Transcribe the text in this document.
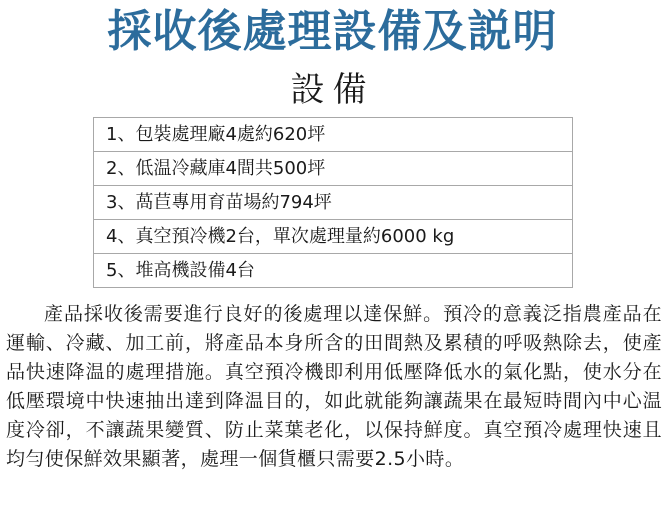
採收後處理設備及説明
設備
1、包裝處理廠4處約620坪
2、低温冷藏庫4間共500坪
3、萵苣專用育苗場約794坪
4、真空預冷機2台，單次處理量約6000 kg
5、堆高機設備4台

產品採收後需要進行良好的後處理以達保鮮。預冷的意義泛指農產品在運輸、冷藏、加工前，將產品本身所含的田間熱及累積的呼吸熱除去，使產品快速降温的處理措施。真空預冷機即利用低壓降低水的氣化點，使水分在低壓環境中快速抽出達到降温目的，如此就能夠讓蔬果在最短時間內中心温度冷卻，不讓蔬果變質、防止菜葉老化，以保持鮮度。真空預冷處理快速且均勻使保鮮效果顯著，處理一個貨櫃只需要2.5小時。
